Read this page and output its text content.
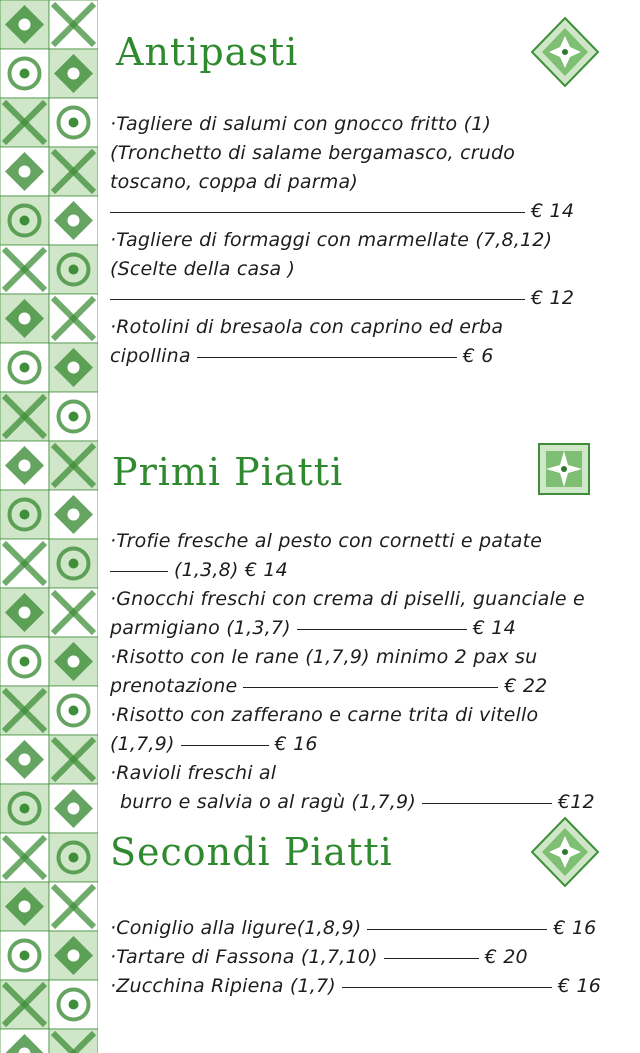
Antipasti
·Tagliere di salumi con gnocco fritto (1)
(Tronchetto di salame bergamasco, crudo
toscano, coppa di parma)
€ 14
·Tagliere di formaggi con marmellate (7,8,12)
(Scelte della casa )
€ 12
·Rotolini di bresaola con caprino ed erba
cipollina	€ 6
Primi Piatti
·Trofie fresche al pesto con cornetti e patate
(1,3,8) € 14
·Gnocchi freschi con crema di piselli, guanciale e
parmigiano (1,3,7)	€ 14
·Risotto con le rane (1,7,9) minimo 2 pax su
prenotazione	€ 22
·Risotto con zafferano e carne trita di vitello
(1,7,9)	€ 16
·Ravioli freschi al
burro e salvia o al ragù (1,7,9)	€12
Secondi Piatti
·Coniglio alla ligure(1,8,9)	€ 16
·Tartare di Fassona (1,7,10)	€ 20
·Zucchina Ripiena (1,7)	€ 16
